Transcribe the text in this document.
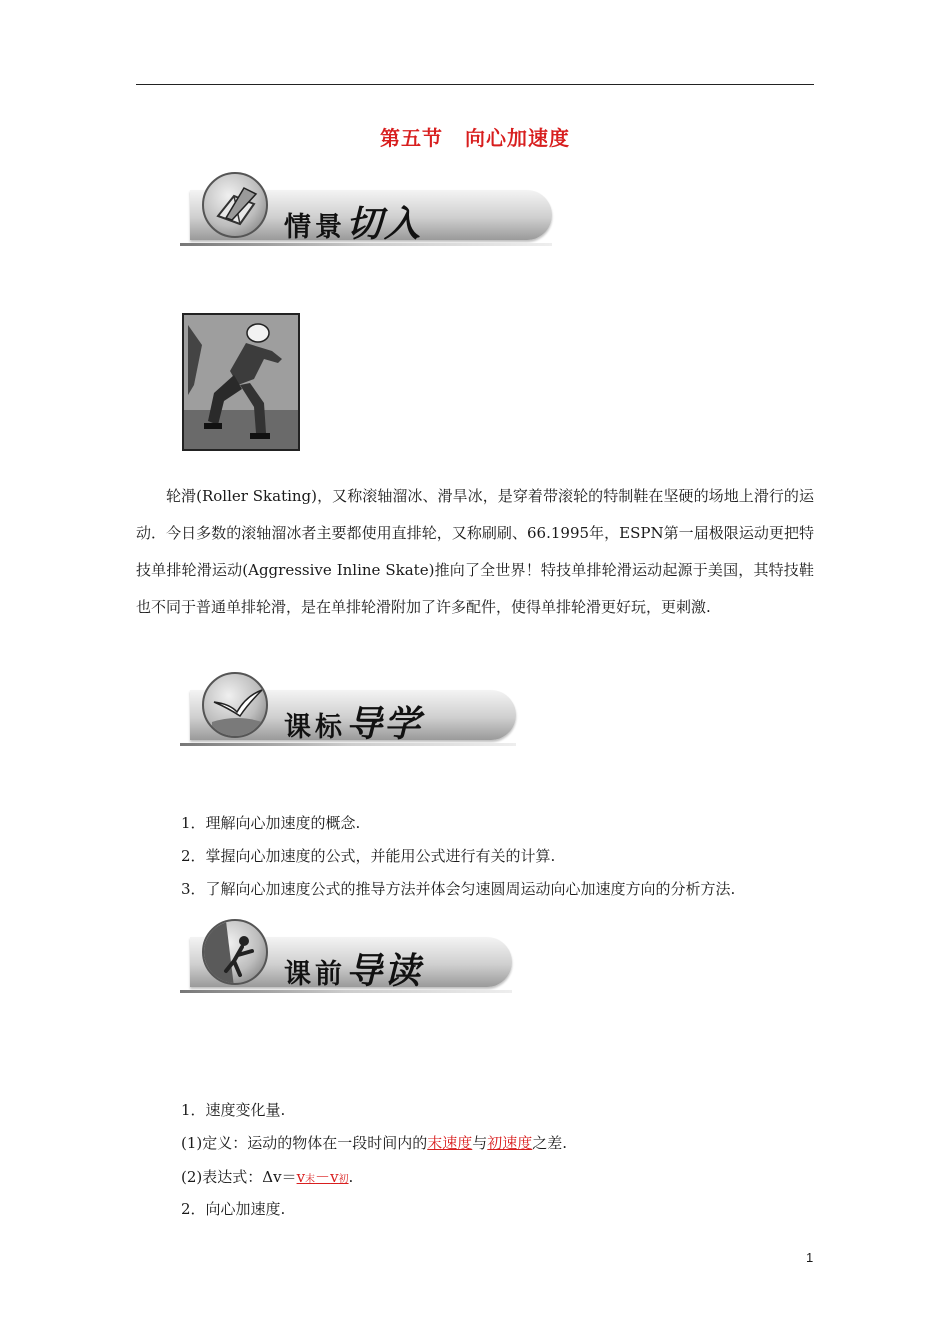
第五节 向心加速度
情景切入
轮滑(Roller Skating)，又称滚轴溜冰、滑旱冰，是穿着带滚轮的特制鞋在坚硬的场地上滑行的运动．今日多数的滚轴溜冰者主要都使用直排轮，又称刷刷、66.1995年，ESPN第一届极限运动更把特技单排轮滑运动(Aggressive Inline Skate)推向了全世界！特技单排轮滑运动起源于美国，其特技鞋也不同于普通单排轮滑，是在单排轮滑附加了许多配件，使得单排轮滑更好玩，更刺激.
课标导学
1．理解向心加速度的概念.
2．掌握向心加速度的公式，并能用公式进行有关的计算.
3．了解向心加速度公式的推导方法并体会匀速圆周运动向心加速度方向的分析方法.
课前导读
1．速度变化量.
(1)定义：运动的物体在一段时间内的末速度与初速度之差.
(2)表达式：Δv＝v末－v初.
2．向心加速度.
1
